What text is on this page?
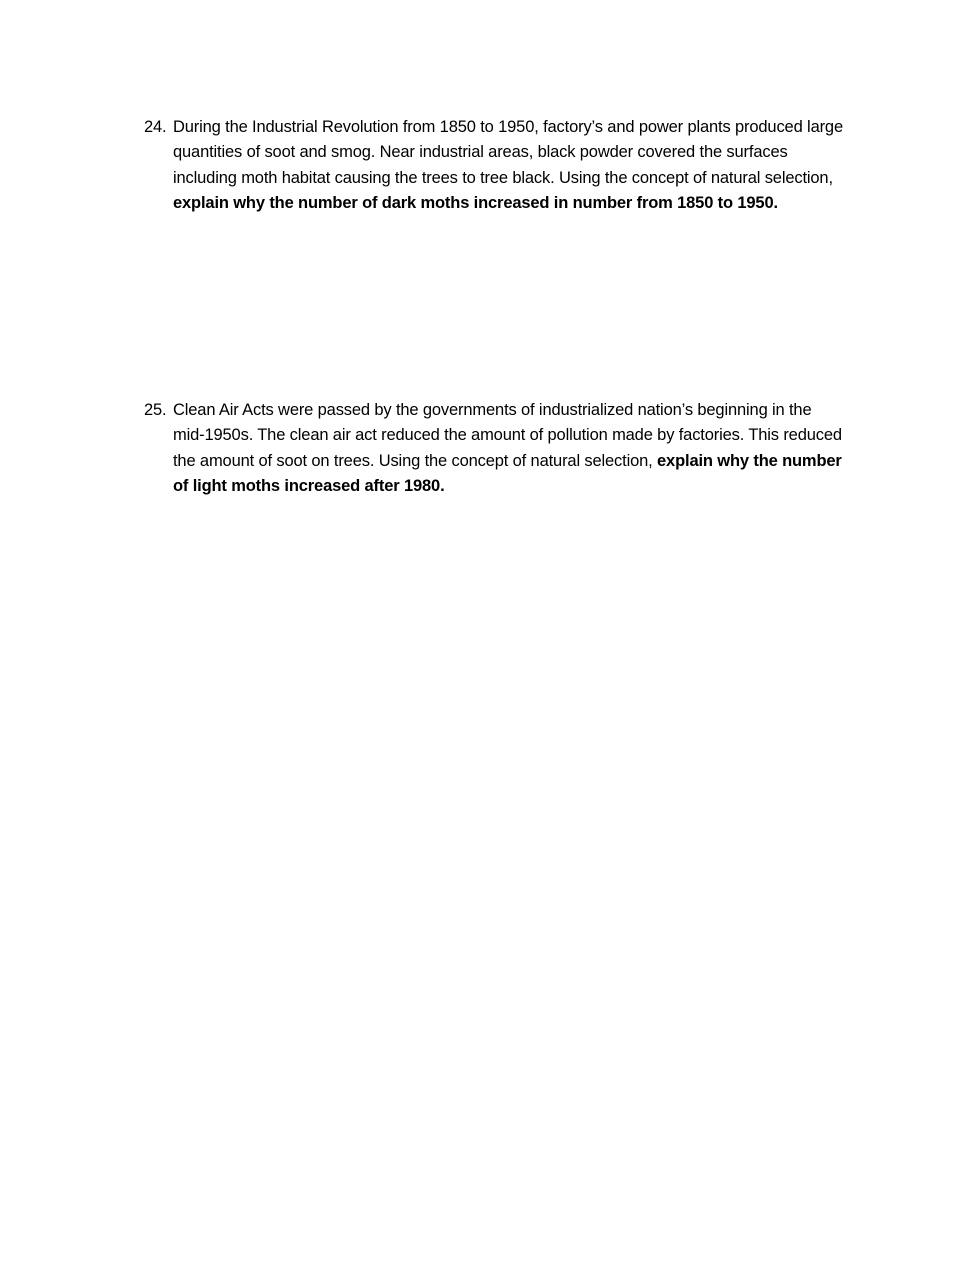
24. During the Industrial Revolution from 1850 to 1950, factory’s and power plants produced large quantities of soot and smog. Near industrial areas, black powder covered the surfaces including moth habitat causing the trees to tree black. Using the concept of natural selection, explain why the number of dark moths increased in number from 1850 to 1950.
25. Clean Air Acts were passed by the governments of industrialized nation’s beginning in the mid-1950s. The clean air act reduced the amount of pollution made by factories. This reduced the amount of soot on trees. Using the concept of natural selection, explain why the number of light moths increased after 1980.
